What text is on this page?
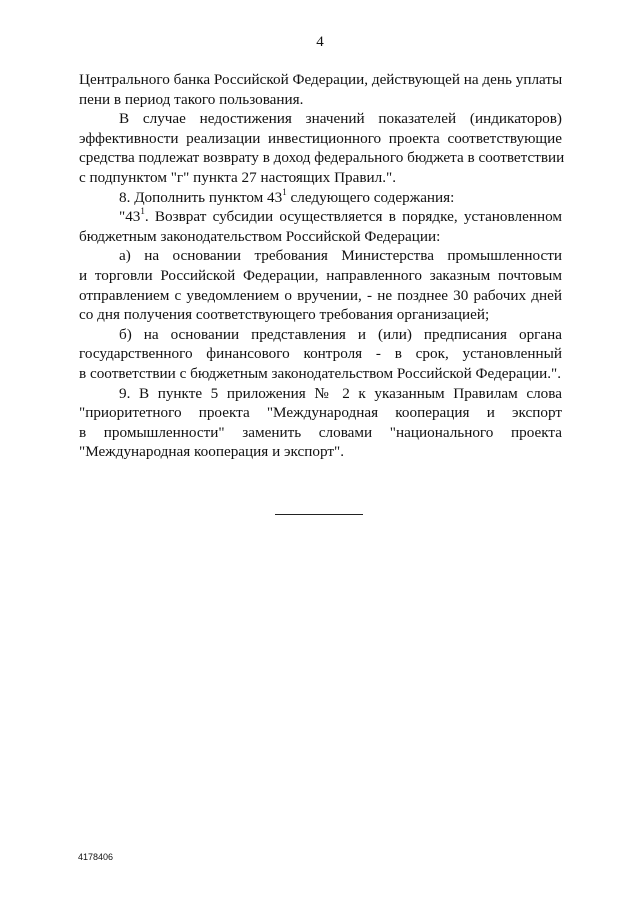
4

Центрального банка Российской Федерации, действующей на день уплаты
пени в период такого пользования.

В случае недостижения значений показателей (индикаторов)
эффективности реализации инвестиционного проекта соответствующие
средства подлежат возврату в доход федерального бюджета в соответствии
с подпунктом "г" пункта 27 настоящих Правил.".

8. Дополнить пунктом $43^1$ следующего содержания:

"$43^1$. Возврат субсидии осуществляется в порядке, установленном
бюджетным законодательством Российской Федерации:

а) на основании требования Министерства промышленности
и торговли Российской Федерации, направленного заказным почтовым
отправлением с уведомлением о вручении, - не позднее 30 рабочих дней
со дня получения соответствующего требования организацией;

б) на основании представления и (или) предписания органа
государственного финансового контроля - в срок, установленный
в соответствии с бюджетным законодательством Российской Федерации.".

9. В пункте 5 приложения № 2 к указанным Правилам слова
"приоритетного проекта "Международная кооперация и экспорт
в промышленности" заменить словами "национального проекта
"Международная кооперация и экспорт".

4178406
